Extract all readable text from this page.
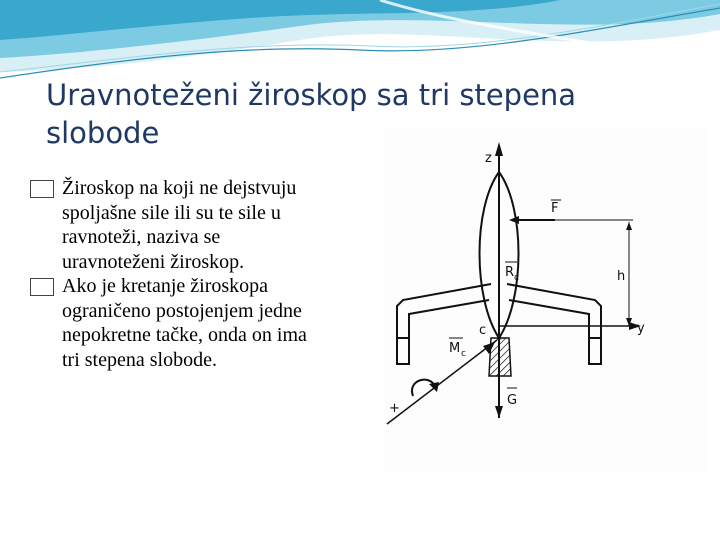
Uravnoteženi žiroskop sa tri stepena
slobode

 Žiroskop na koji ne dejstvuju
spoljašne sile ili su te sile u
ravnoteži, naziva se
uravnoteženi žiroskop.

 Ako je kretanje žiroskopa
ograničeno postojenjem jedne
nepokretne tačke, onda on ima
tri stepena slobode.

z
h
y
F
R c
c
M c
+
G
